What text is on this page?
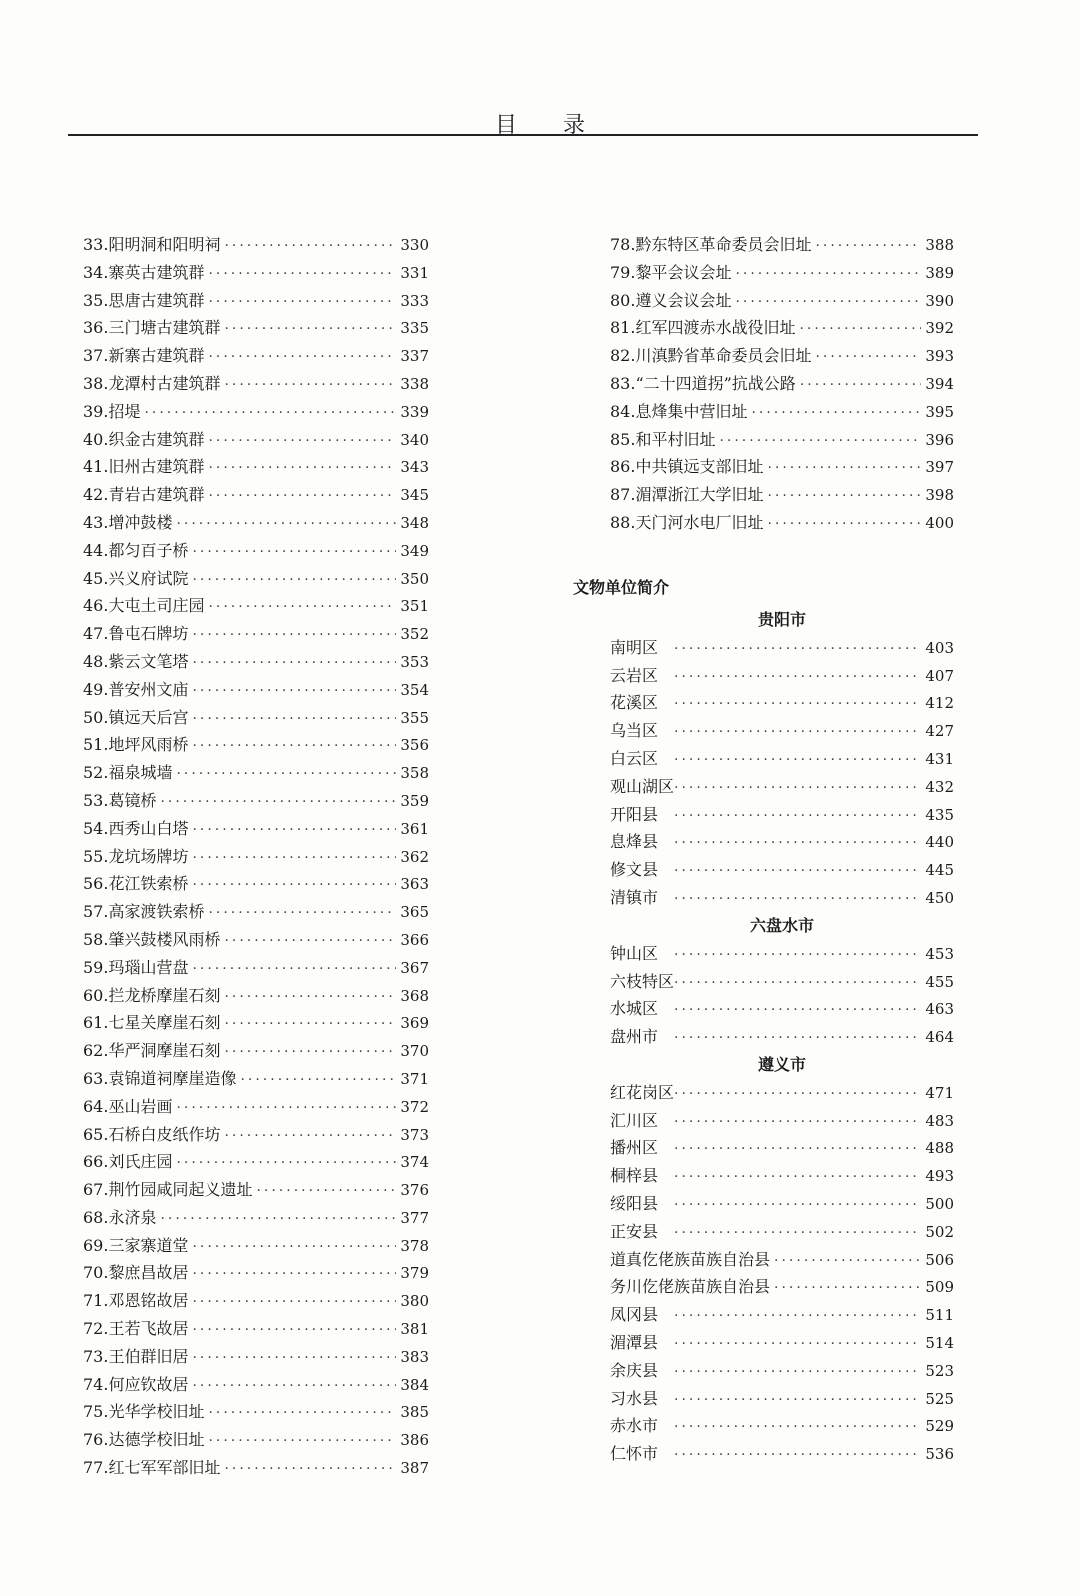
目录
33.阳明洞和阳明祠 ·····	330
34.寨英古建筑群 ·····	331
35.思唐古建筑群 ·····	333
36.三门塘古建筑群 ·····	335
37.新寨古建筑群 ·····	337
38.龙潭村古建筑群 ·····	338
39.招堤 ·····	339
40.织金古建筑群 ·····	340
41.旧州古建筑群 ·····	343
42.青岩古建筑群 ·····	345
43.增冲鼓楼 ·····	348
44.都匀百子桥 ·····	349
45.兴义府试院 ·····	350
46.大屯土司庄园 ·····	351
47.鲁屯石牌坊 ·····	352
48.紫云文笔塔 ·····	353
49.普安州文庙 ·····	354
50.镇远天后宫 ·····	355
51.地坪风雨桥 ·····	356
52.福泉城墙 ·····	358
53.葛镜桥 ·····	359
54.西秀山白塔 ·····	361
55.龙坑场牌坊 ·····	362
56.花江铁索桥 ·····	363
57.高家渡铁索桥 ·····	365
58.肇兴鼓楼风雨桥 ·····	366
59.玛瑙山营盘 ·····	367
60.拦龙桥摩崖石刻 ·····	368
61.七星关摩崖石刻 ·····	369
62.华严洞摩崖石刻 ·····	370
63.袁锦道祠摩崖造像 ·····	371
64.巫山岩画 ·····	372
65.石桥白皮纸作坊 ·····	373
66.刘氏庄园 ·····	374
67.荆竹园咸同起义遗址 ·····	376
68.永济泉 ·····	377
69.三家寨道堂 ·····	378
70.黎庶昌故居 ·····	379
71.邓恩铭故居 ·····	380
72.王若飞故居 ·····	381
73.王伯群旧居 ·····	383
74.何应钦故居 ·····	384
75.光华学校旧址 ·····	385
76.达德学校旧址 ·····	386
77.红七军军部旧址 ·····	387
78.黔东特区革命委员会旧址 ·····	388
79.黎平会议会址 ·····	389
80.遵义会议会址 ·····	390
81.红军四渡赤水战役旧址 ·····	392
82.川滇黔省革命委员会旧址 ·····	393
83.“二十四道拐”抗战公路 ·····	394
84.息烽集中营旧址 ·····	395
85.和平村旧址 ·····	396
86.中共镇远支部旧址 ·····	397
87.湄潭浙江大学旧址 ·····	398
88.天门河水电厂旧址 ·····	400
文物单位简介
贵阳市
南明区 ·····	403
云岩区 ·····	407
花溪区 ·····	412
乌当区 ·····	427
白云区 ·····	431
观山湖区 ·····	432
开阳县 ·····	435
息烽县 ·····	440
修文县 ·····	445
清镇市 ·····	450
六盘水市
钟山区 ·····	453
六枝特区 ·····	455
水城区 ·····	463
盘州市 ·····	464
遵义市
红花岗区 ·····	471
汇川区 ·····	483
播州区 ·····	488
桐梓县 ·····	493
绥阳县 ·····	500
正安县 ·····	502
道真仡佬族苗族自治县 ·····	506
务川仡佬族苗族自治县 ·····	509
凤冈县 ·····	511
湄潭县 ·····	514
余庆县 ·····	523
习水县 ·····	525
赤水市 ·····	529
仁怀市 ·····	536
